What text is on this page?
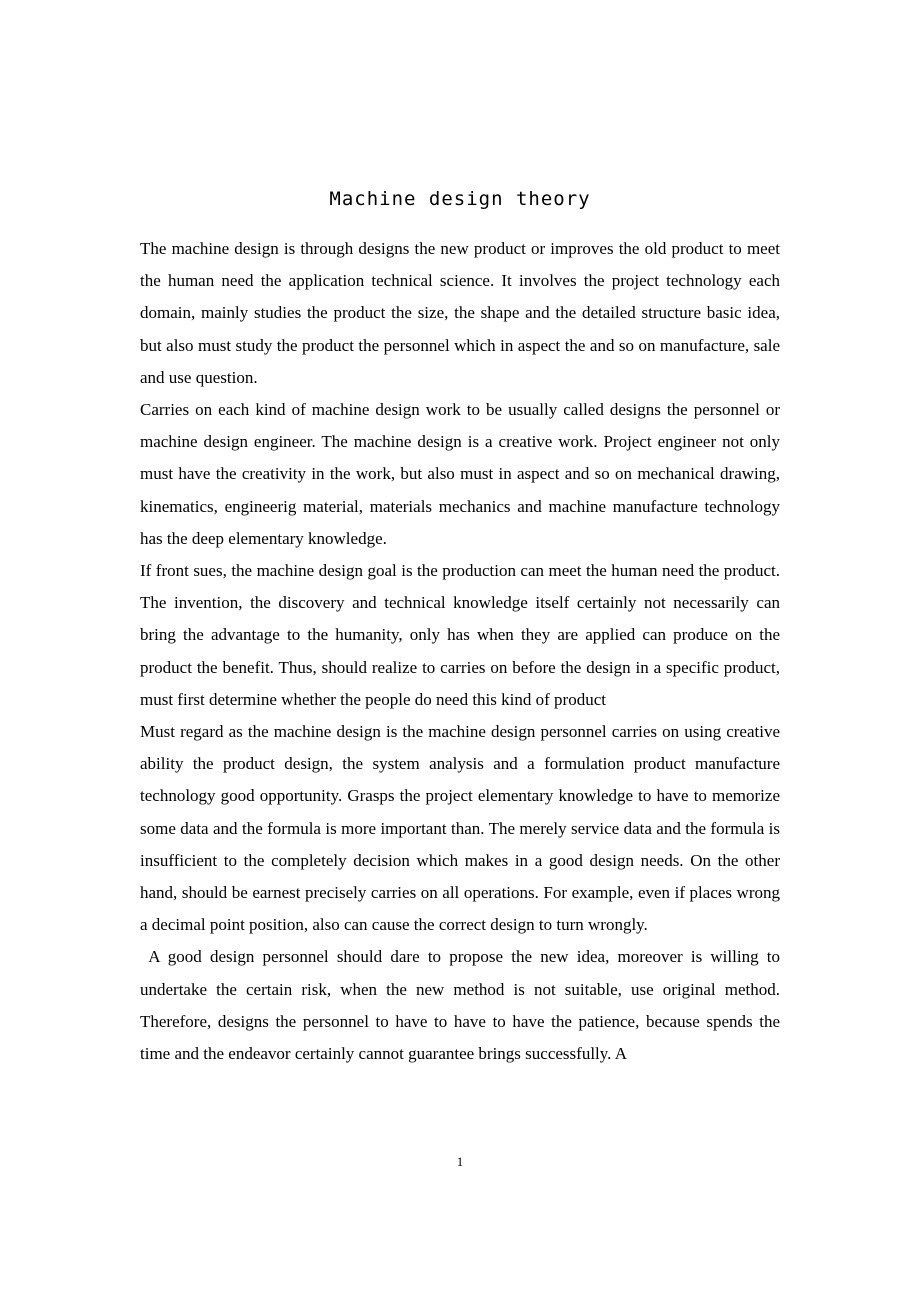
Machine design theory

The machine design is through designs the new product or improves the old product to meet the human need the application technical science. It involves the project technology each domain, mainly studies the product the size, the shape and the detailed structure basic idea, but also must study the product the personnel which in aspect the and so on manufacture, sale and use question.

Carries on each kind of machine design work to be usually called designs the personnel or machine design engineer. The machine design is a creative work. Project engineer not only must have the creativity in the work, but also must in aspect and so on mechanical drawing, kinematics, engineerig material, materials mechanics and machine manufacture technology has the deep elementary knowledge.

If front sues, the machine design goal is the production can meet the human need the product. The invention, the discovery and technical knowledge itself certainly not necessarily can bring the advantage to the humanity, only has when they are applied can produce on the product the benefit. Thus, should realize to carries on before the design in a specific product, must first determine whether the people do need this kind of product

Must regard as the machine design is the machine design personnel carries on using creative ability the product design, the system analysis and a formulation product manufacture technology good opportunity. Grasps the project elementary knowledge to have to memorize some data and the formula is more important than. The merely service data and the formula is insufficient to the completely decision which makes in a good design needs. On the other hand, should be earnest precisely carries on all operations. For example, even if places wrong a decimal point position, also can cause the correct design to turn wrongly.

A good design personnel should dare to propose the new idea, moreover is willing to undertake the certain risk, when the new method is not suitable, use original method. Therefore, designs the personnel to have to have to have the patience, because spends the time and the endeavor certainly cannot guarantee brings successfully. A

1
